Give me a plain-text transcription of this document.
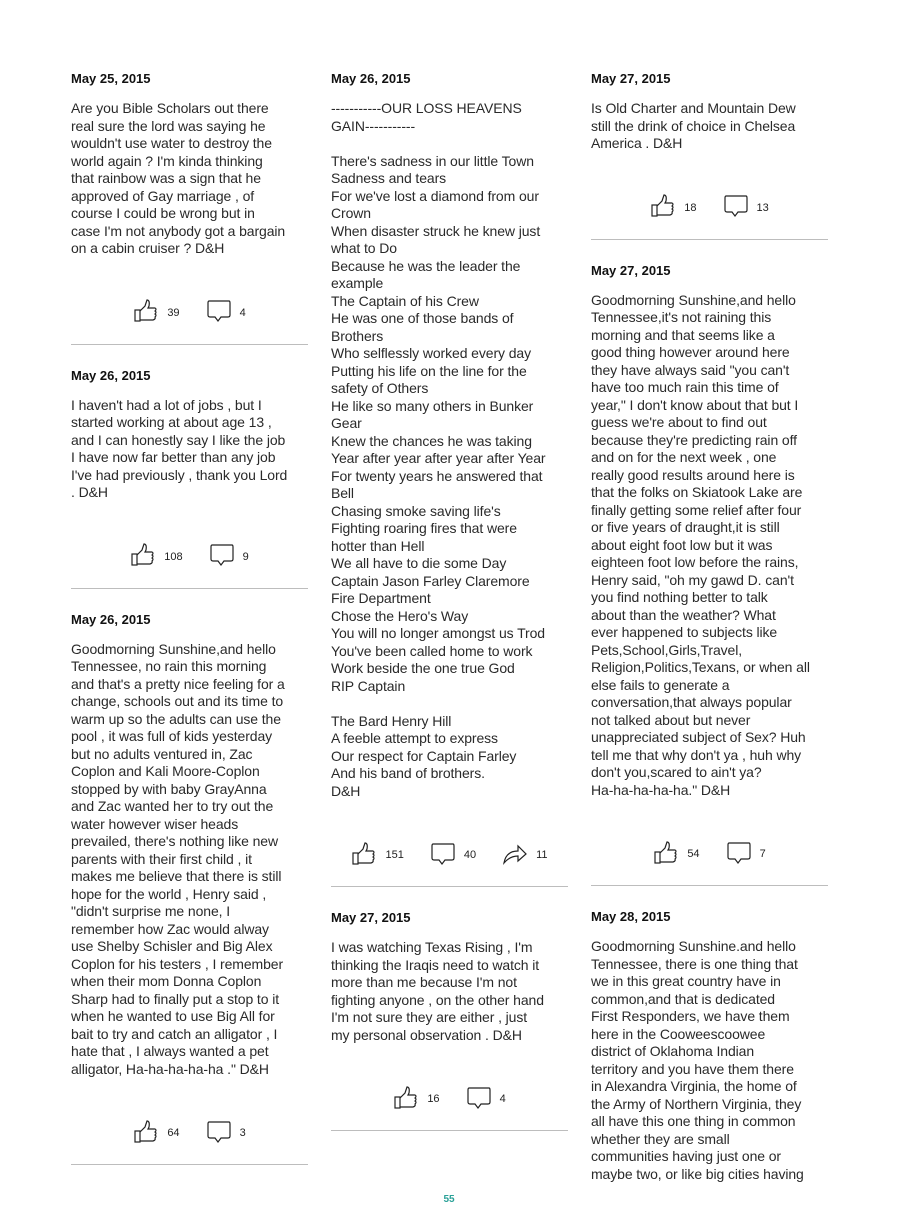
May 25, 2015
Are you Bible Scholars out there
real sure the lord was saying he
wouldn't use water to destroy the
world again ? I'm kinda thinking
that rainbow was a sign that he
approved of Gay marriage , of
course I could be wrong but in
case I'm not anybody got a bargain
on a cabin cruiser ? D&H
39	4
May 26, 2015
I haven't had a lot of jobs , but I
started working at about age 13 ,
and I can honestly say I like the job
I have now far better than any job
I've had previously , thank you Lord
. D&H
108	9
May 26, 2015
Goodmorning Sunshine,and hello
Tennessee, no rain this morning
and that's a pretty nice feeling for a
change, schools out and its time to
warm up so the adults can use the
pool , it was full of kids yesterday
but no adults ventured in, Zac
Coplon and Kali Moore-Coplon
stopped by with baby GrayAnna
and Zac wanted her to try out the
water however wiser heads
prevailed, there's nothing like new
parents with their first child , it
makes me believe that there is still
hope for the world , Henry said ,
"didn't surprise me none, I
remember how Zac would alway
use Shelby Schisler and Big Alex
Coplon for his testers , I remember
when their mom Donna Coplon
Sharp had to finally put a stop to it
when he wanted to use Big All for
bait to try and catch an alligator , I
hate that , I always wanted a pet
alligator, Ha-ha-ha-ha-ha ." D&H
64	3
May 26, 2015
-----------OUR LOSS HEAVENS
GAIN-----------

There's sadness in our little Town
Sadness and tears
For we've lost a diamond from our
Crown
When disaster struck he knew just
what to Do
Because he was the leader the
example
The Captain of his Crew
He was one of those bands of
Brothers
Who selflessly worked every day
Putting his life on the line for the
safety of Others
He like so many others in Bunker
Gear
Knew the chances he was taking
Year after year after year after Year
For twenty years he answered that
Bell
Chasing smoke saving life's
Fighting roaring fires that were
hotter than Hell
We all have to die some Day
Captain Jason Farley Claremore
Fire Department
Chose the Hero's Way
You will no longer amongst us Trod
You've been called home to work
Work beside the one true God
RIP Captain

The Bard Henry Hill
A feeble attempt to express
Our respect for Captain Farley
And his band of brothers.
D&H
151	40	11
May 27, 2015
I was watching Texas Rising , I'm
thinking the Iraqis need to watch it
more than me because I'm not
fighting anyone , on the other hand
I'm not sure they are either , just
my personal observation . D&H
16	4
May 27, 2015
Is Old Charter and Mountain Dew
still the drink of choice in Chelsea
America . D&H
18	13
May 27, 2015
Goodmorning Sunshine,and hello
Tennessee,it's not raining this
morning and that seems like a
good thing however around here
they have always said "you can't
have too much rain this time of
year," I don't know about that but I
guess we're about to find out
because they're predicting rain off
and on for the next week , one
really good results around here is
that the folks on Skiatook Lake are
finally getting some relief after four
or five years of draught,it is still
about eight foot low but it was
eighteen foot low before the rains,
Henry said, "oh my gawd D. can't
you find nothing better to talk
about than the weather? What
ever happened to subjects like
Pets,School,Girls,Travel,
Religion,Politics,Texans, or when all
else fails to generate a
conversation,that always popular
not talked about but never
unappreciated subject of Sex? Huh
tell me that why don't ya , huh why
don't you,scared to ain't ya?
Ha-ha-ha-ha-ha." D&H
54	7
May 28, 2015
Goodmorning Sunshine.and hello
Tennessee, there is one thing that
we in this great country have in
common,and that is dedicated
First Responders, we have them
here in the Cooweescoowee
district of Oklahoma Indian
territory and you have them there
in Alexandra Virginia, the home of
the Army of Northern Virginia, they
all have this one thing in common
whether they are small
communities having just one or
maybe two, or like big cities having
55
